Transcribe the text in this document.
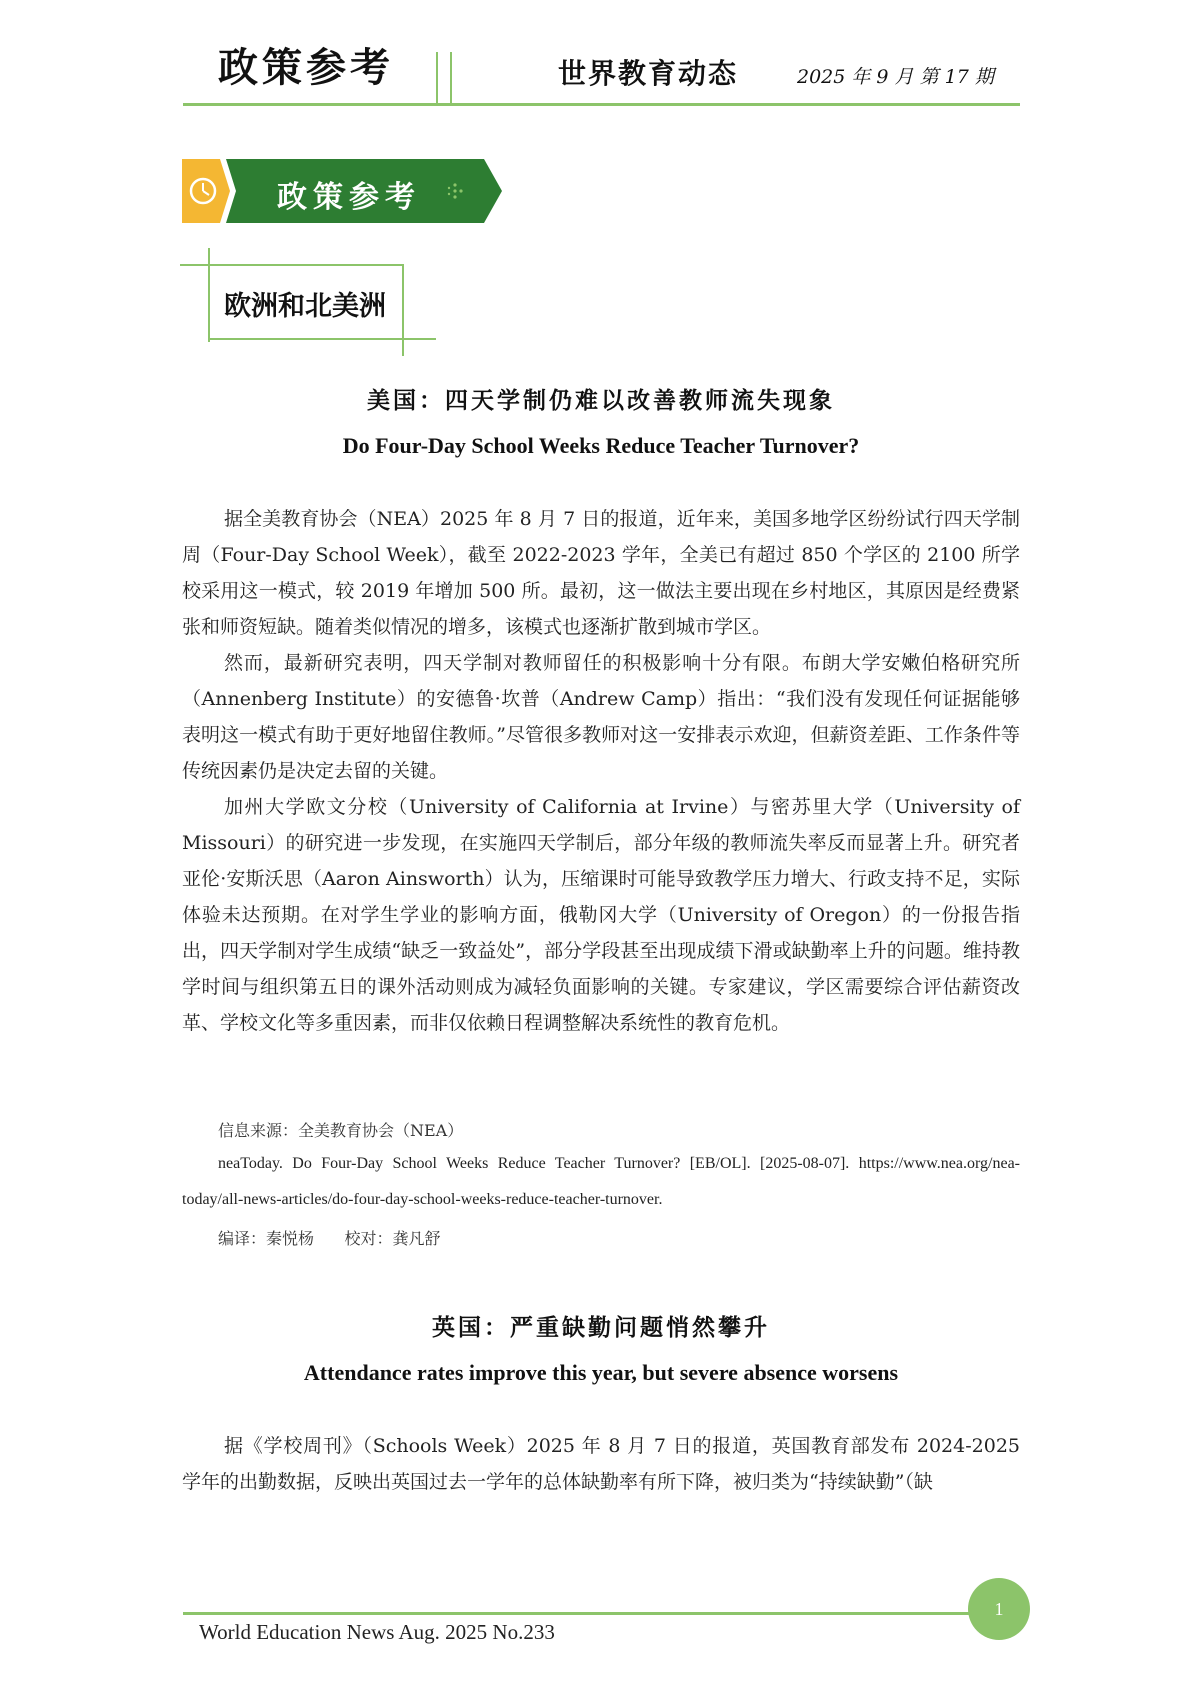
政策参考	世界教育动态	2025 年 9 月 第 17 期
政策参考
欧洲和北美洲
美国：四天学制仍难以改善教师流失现象
Do Four-Day School Weeks Reduce Teacher Turnover?

据全美教育协会（NEA）2025 年 8 月 7 日的报道，近年来，美国多地学区纷纷试行四天学制周（Four-Day School Week），截至 2022-2023 学年，全美已有超过 850 个学区的 2100 所学校采用这一模式，较 2019 年增加 500 所。最初，这一做法主要出现在乡村地区，其原因是经费紧张和师资短缺。随着类似情况的增多，该模式也逐渐扩散到城市学区。

然而，最新研究表明，四天学制对教师留任的积极影响十分有限。布朗大学安嫩伯格研究所（Annenberg Institute）的安德鲁·坎普（Andrew Camp）指出：“我们没有发现任何证据能够表明这一模式有助于更好地留住教师。”尽管很多教师对这一安排表示欢迎，但薪资差距、工作条件等传统因素仍是决定去留的关键。

加州大学欧文分校（University of California at Irvine）与密苏里大学（University of Missouri）的研究进一步发现，在实施四天学制后，部分年级的教师流失率反而显著上升。研究者亚伦·安斯沃思（Aaron Ainsworth）认为，压缩课时可能导致教学压力增大、行政支持不足，实际体验未达预期。在对学生学业的影响方面，俄勒冈大学（University of Oregon）的一份报告指出，四天学制对学生成绩“缺乏一致益处”，部分学段甚至出现成绩下滑或缺勤率上升的问题。维持教学时间与组织第五日的课外活动则成为减轻负面影响的关键。专家建议，学区需要综合评估薪资改革、学校文化等多重因素，而非仅依赖日程调整解决系统性的教育危机。

信息来源：全美教育协会（NEA）

neaToday. Do Four-Day School Weeks Reduce Teacher Turnover? [EB/OL]. [2025-08-07]. https://www.nea.org/nea-today/all-news-articles/do-four-day-school-weeks-reduce-teacher-turnover.

编译：秦悦杨      校对：龚凡舒
英国：严重缺勤问题悄然攀升
Attendance rates improve this year, but severe absence worsens

据《学校周刊》（Schools Week）2025 年 8 月 7 日的报道，英国教育部发布 2024-2025 学年的出勤数据，反映出英国过去一学年的总体缺勤率有所下降，被归类为“持续缺勤”（缺

1
World Education News Aug. 2025 No.233
